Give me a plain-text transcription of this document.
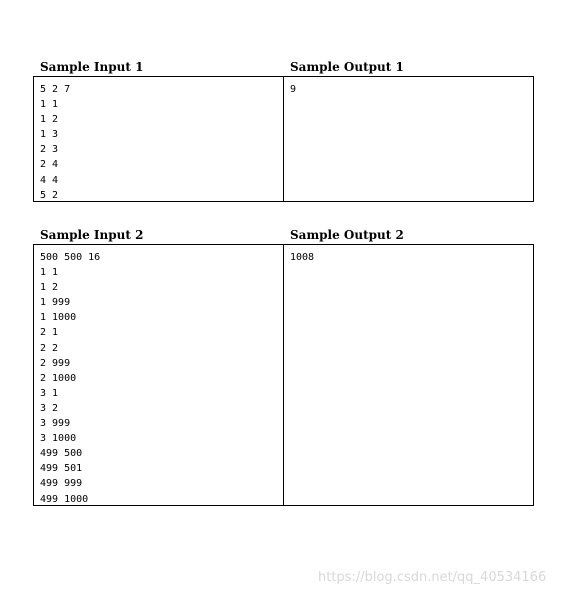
Sample Input 1	Sample Output 1
5 2 7
1 1
1 2
1 3
2 3
2 4
4 4
5 2
9
Sample Input 2	Sample Output 2
500 500 16
1 1
1 2
1 999
1 1000
2 1
2 2
2 999
2 1000
3 1
3 2
3 999
3 1000
499 500
499 501
499 999
499 1000
1008
https://blog.csdn.net/qq_40534166
